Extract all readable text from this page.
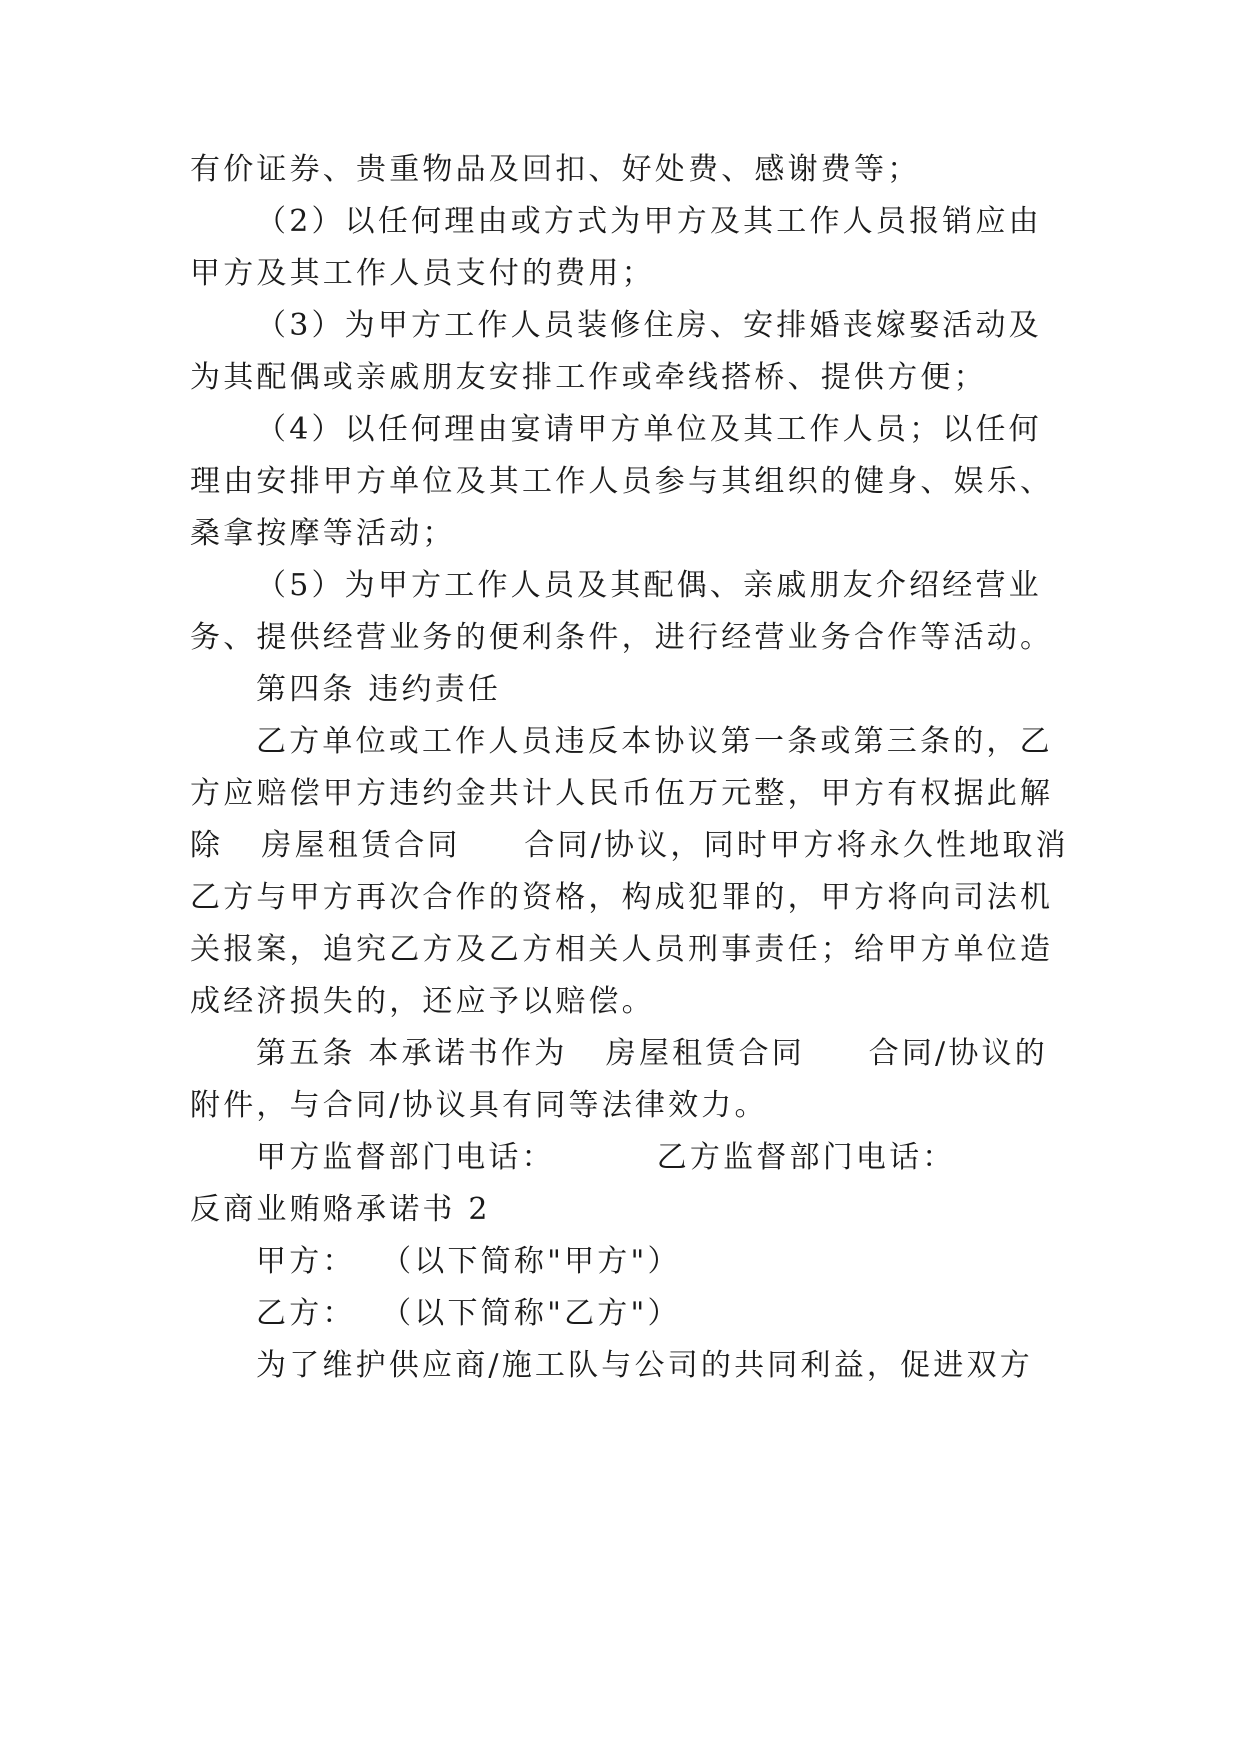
有价证券、贵重物品及回扣、好处费、感谢费等；
（2）以任何理由或方式为甲方及其工作人员报销应由
甲方及其工作人员支付的费用；
（3）为甲方工作人员装修住房、安排婚丧嫁娶活动及
为其配偶或亲戚朋友安排工作或牵线搭桥、提供方便；
（4）以任何理由宴请甲方单位及其工作人员；以任何
理由安排甲方单位及其工作人员参与其组织的健身、娱乐、
桑拿按摩等活动；
（5）为甲方工作人员及其配偶、亲戚朋友介绍经营业
务、提供经营业务的便利条件，进行经营业务合作等活动。
第四条 违约责任
乙方单位或工作人员违反本协议第一条或第三条的，乙
方应赔偿甲方违约金共计人民币伍万元整，甲方有权据此解
除   房屋租赁合同     合同/协议，同时甲方将永久性地取消
乙方与甲方再次合作的资格，构成犯罪的，甲方将向司法机
关报案，追究乙方及乙方相关人员刑事责任；给甲方单位造
成经济损失的，还应予以赔偿。
第五条 本承诺书作为   房屋租赁合同     合同/协议的
附件，与合同/协议具有同等法律效力。
甲方监督部门电话：        乙方监督部门电话：
反商业贿赂承诺书 2
甲方：  （以下简称"甲方"）
乙方：  （以下简称"乙方"）
为了维护供应商/施工队与公司的共同利益，促进双方
